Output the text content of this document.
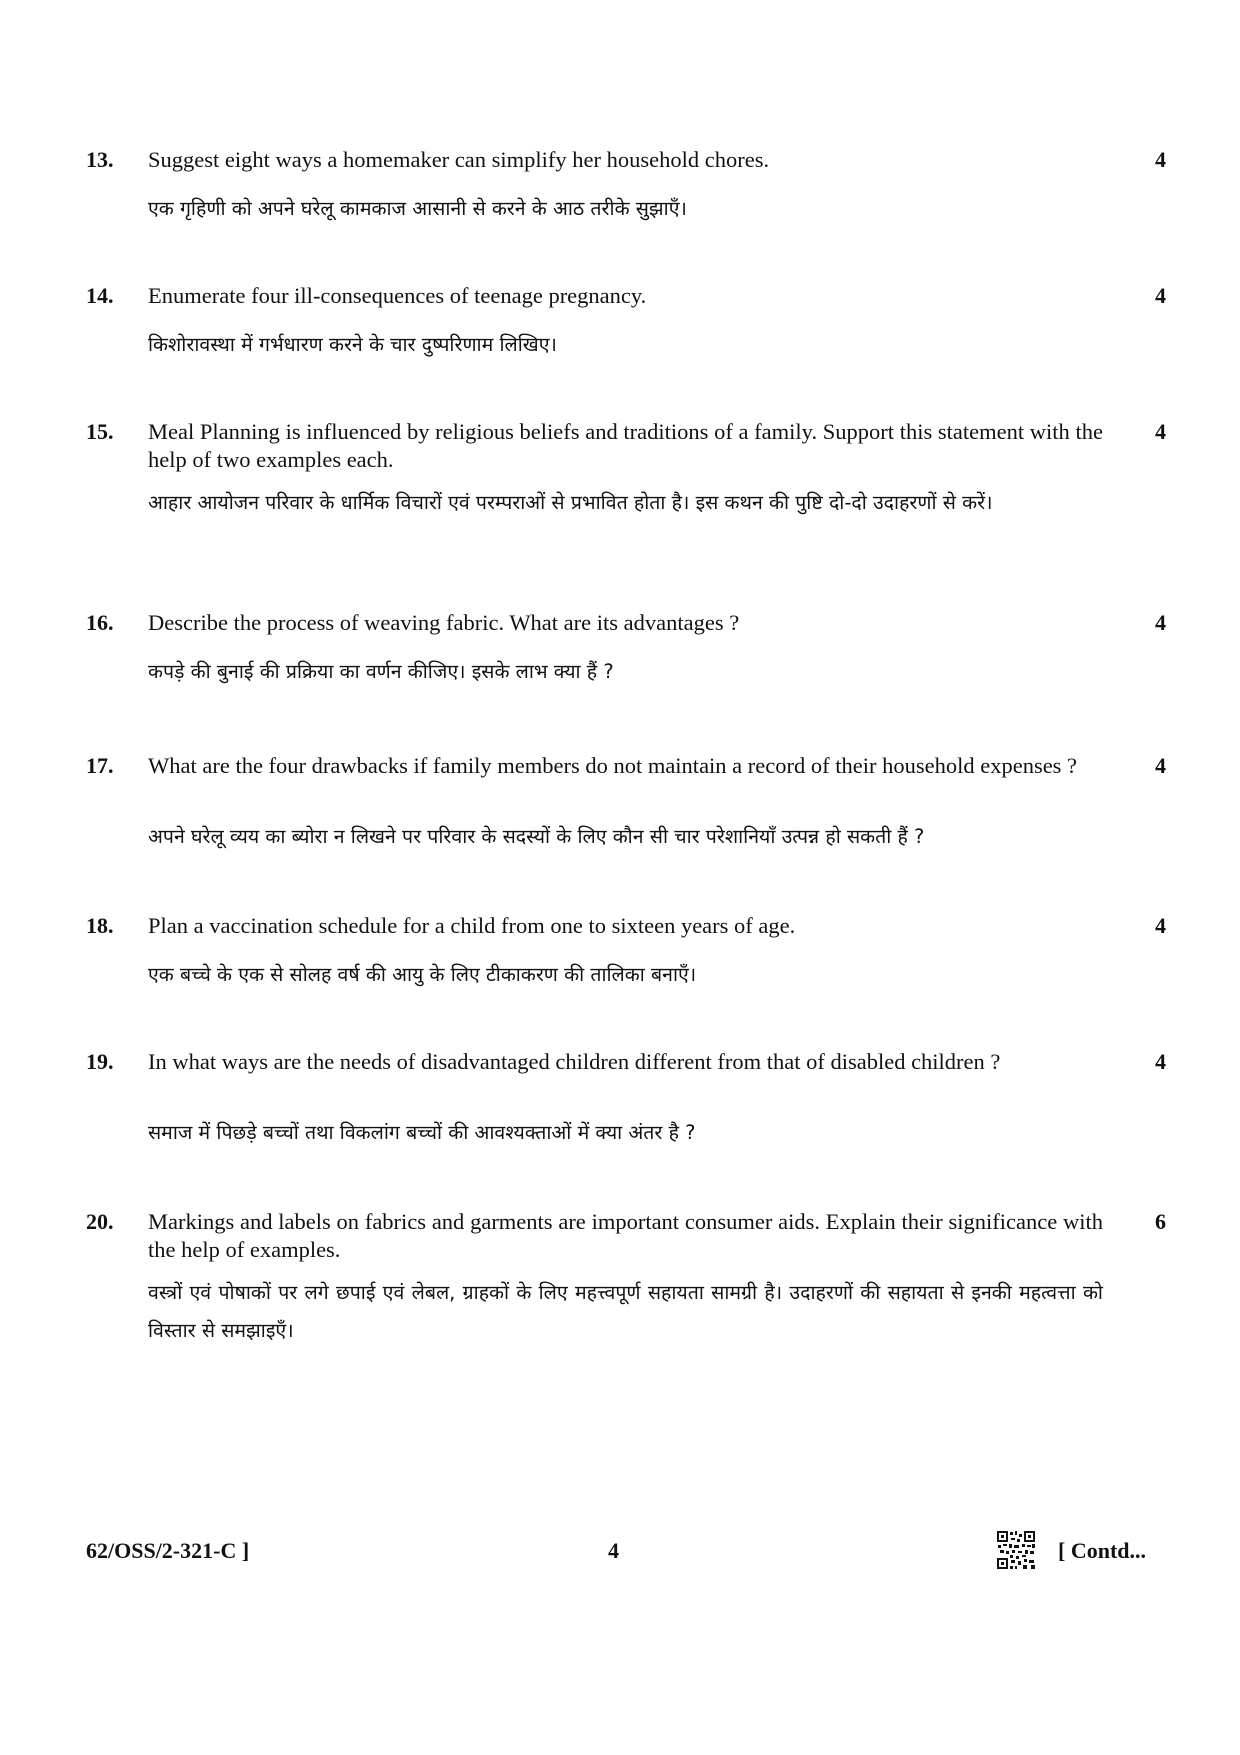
13.	Suggest eight ways a homemaker can simplify her household chores.
एक गृहिणी को अपने घरेलू कामकाज आसानी से करने के आठ तरीके सुझाएँ।
4
14.	Enumerate four ill-consequences of teenage pregnancy.
किशोरावस्था में गर्भधारण करने के चार दुष्परिणाम लिखिए।
4
15.	Meal Planning is influenced by religious beliefs and traditions of a family. Support this statement with the help of two examples each.
आहार आयोजन परिवार के धार्मिक विचारों एवं परम्पराओं से प्रभावित होता है। इस कथन की पुष्टि दो-दो उदाहरणों से करें।
4
16.	Describe the process of weaving fabric. What are its advantages ?
कपड़े की बुनाई की प्रक्रिया का वर्णन कीजिए। इसके लाभ क्या हैं ?
4
17.	What are the four drawbacks if family members do not maintain a record of their household expenses ?
अपने घरेलू व्यय का ब्योरा न लिखने पर परिवार के सदस्यों के लिए कौन सी चार परेशानियाँ उत्पन्न हो सकती हैं ?
4
18.	Plan a vaccination schedule for a child from one to sixteen years of age.
एक बच्चे के एक से सोलह वर्ष की आयु के लिए टीकाकरण की तालिका बनाएँ।
4
19.	In what ways are the needs of disadvantaged children different from that of disabled children ?
समाज में पिछड़े बच्चों तथा विकलांग बच्चों की आवश्यक्ताओं में क्या अंतर है ?
4
20.	Markings and labels on fabrics and garments are important consumer aids. Explain their significance with the help of examples.
वस्त्रों एवं पोषाकों पर लगे छपाई एवं लेबल, ग्राहकों के लिए महत्त्वपूर्ण सहायता सामग्री है। उदाहरणों की सहायता से इनकी महत्वत्ता को विस्तार से समझाइएँ।
6
62/OSS/2-321-C ]	4	[ Contd...
